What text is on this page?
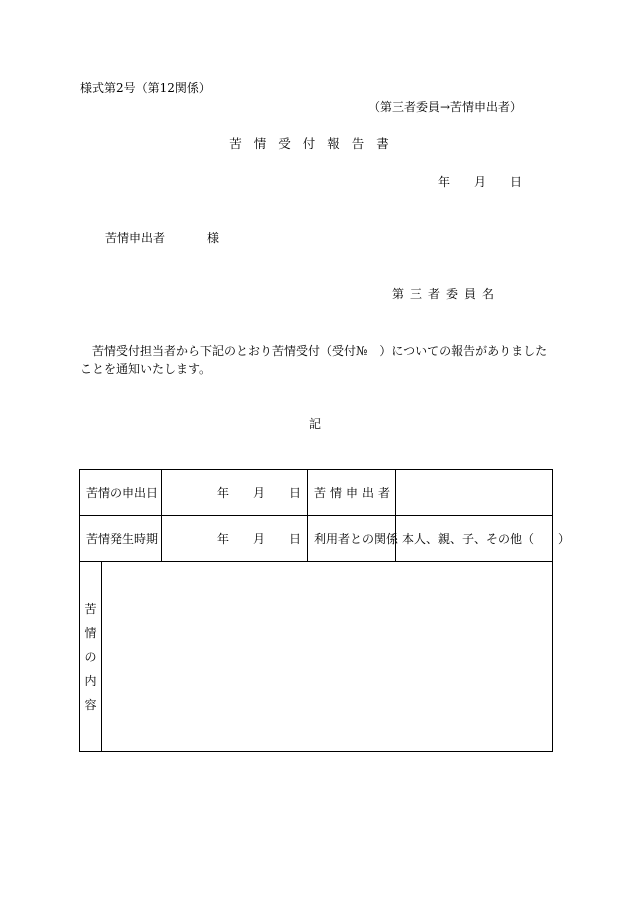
様式第2号（第12関係）
（第三者委員→苦情申出者）
苦情受付報告書
年　　月　　日
苦情申出者	様
第三者委員名
苦情受付担当者から下記のとおり苦情受付（受付№　）についての報告がありましたことを通知いたします。
記
苦情の申出日		年　　月　　日	苦情申出者	
苦情発生時期		年　　月　　日	利用者との関係	本人、親、子、その他（　　）
苦情の内容				
